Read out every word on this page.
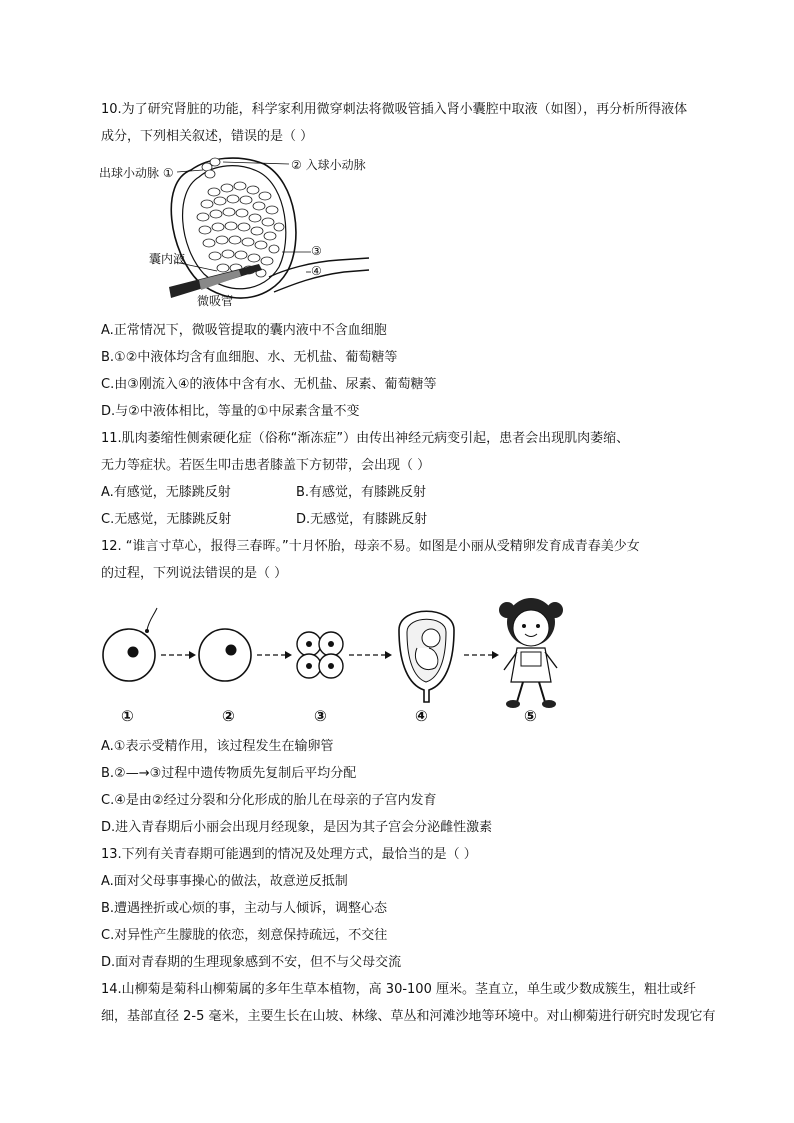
10.为了研究肾脏的功能，科学家利用微穿刺法将微吸管插入肾小囊腔中取液（如图），再分析所得液体
成分，下列相关叙述，错误的是（ ）
出球小动脉 ①
② 入球小动脉
囊内液
③
④
微吸管
A.正常情况下，微吸管提取的囊内液中不含血细胞
B.①②中液体均含有血细胞、水、无机盐、葡萄糖等
C.由③刚流入④的液体中含有水、无机盐、尿素、葡萄糖等
D.与②中液体相比，等量的①中尿素含量不变
11.肌肉萎缩性侧索硬化症（俗称“渐冻症”）由传出神经元病变引起，患者会出现肌肉萎缩、
无力等症状。若医生叩击患者膝盖下方韧带，会出现（ ）
A.有感觉，无膝跳反射	B.有感觉，有膝跳反射
C.无感觉，无膝跳反射	D.无感觉，有膝跳反射
12. “谁言寸草心，报得三春晖。”十月怀胎，母亲不易。如图是小丽从受精卵发育成青春美少女
的过程，下列说法错误的是（ ）
①	②	③	④	⑤
A.①表示受精作用，该过程发生在输卵管
B.②—→③过程中遗传物质先复制后平均分配
C.④是由②经过分裂和分化形成的胎儿在母亲的子宫内发育
D.进入青春期后小丽会出现月经现象，是因为其子宫会分泌雌性激素
13.下列有关青春期可能遇到的情况及处理方式，最恰当的是（ ）
A.面对父母事事操心的做法，故意逆反抵制
B.遭遇挫折或心烦的事，主动与人倾诉，调整心态
C.对异性产生朦胧的依恋，刻意保持疏远，不交往
D.面对青春期的生理现象感到不安，但不与父母交流
14.山柳菊是菊科山柳菊属的多年生草本植物，高 30-100 厘米。茎直立，单生或少数成簇生，粗壮或纤
细，基部直径 2-5 毫米，主要生长在山坡、林缘、草丛和河滩沙地等环境中。对山柳菊进行研究时发现它有
